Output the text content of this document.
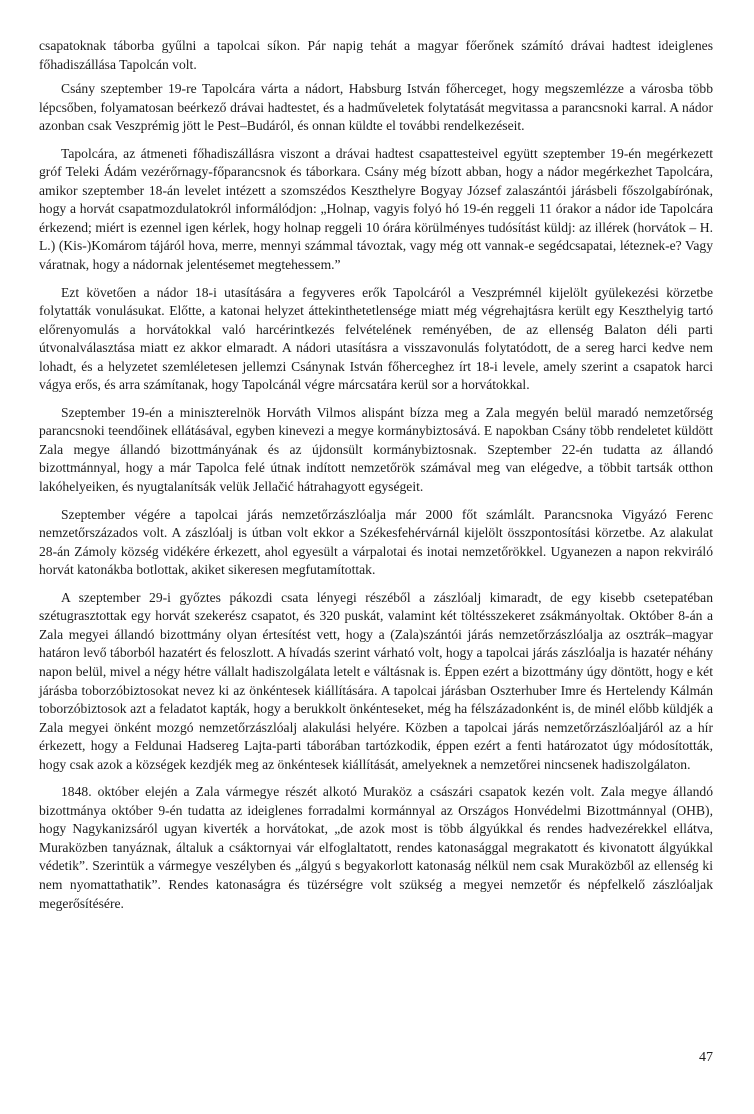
csapatoknak táborba gyűlni a tapolcai síkon. Pár napig tehát a magyar főerőnek számító drávai hadtest ideiglenes főhadiszállása Tapolcán volt.

Csány szeptember 19-re Tapolcára várta a nádort, Habsburg István főherceget, hogy megszemlézze a városba több lépcsőben, folyamatosan beérkező drávai hadtestet, és a hadműveletek folytatását megvitassa a parancsnoki karral. A nádor azonban csak Veszprémig jött le Pest–Budáról, és onnan küldte el további rendelkezéseit.

Tapolcára, az átmeneti főhadiszállásra viszont a drávai hadtest csapattesteivel együtt szeptember 19-én megérkezett gróf Teleki Ádám vezérőrnagy-főparancsnok és táborkara. Csány még bízott abban, hogy a nádor megérkezhet Tapolcára, amikor szeptember 18-án levelet intézett a szomszédos Keszthelyre Bogyay József zalaszántói járásbeli főszolgabírónak, hogy a horvát csapatmozdulatokról informálódjon: „Holnap, vagyis folyó hó 19-én reggeli 11 órakor a nádor ide Tapolcára érkezend; miért is ezennel igen kérlek, hogy holnap reggeli 10 órára körülményes tudósítást küldj: az illérek (horvátok – H. L.) (Kis-)Komárom tájáról hova, merre, mennyi számmal távoztak, vagy még ott vannak-e segédcsapatai, léteznek-e? Vagy váratnak, hogy a nádornak jelentésemet megtehessem.”

Ezt követően a nádor 18-i utasítására a fegyveres erők Tapolcáról a Veszprémnél kijelölt gyülekezési körzetbe folytatták vonulásukat. Előtte, a katonai helyzet áttekinthetetlensége miatt még végrehajtásra került egy Keszthelyig tartó előrenyomulás a horvátokkal való harcérintkezés felvételének reményében, de az ellenség Balaton déli parti útvonalválasztása miatt ez akkor elmaradt. A nádori utasításra a visszavonulás folytatódott, de a sereg harci kedve nem lohadt, és a helyzetet szemléletesen jellemzi Csánynak István főherceghez írt 18-i levele, amely szerint a csapatok harci vágya erős, és arra számítanak, hogy Tapolcánál végre márcsatára kerül sor a horvátokkal.

Szeptember 19-én a miniszterelnök Horváth Vilmos alispánt bízza meg a Zala megyén belül maradó nemzetőrség parancsnoki teendőinek ellátásával, egyben kinevezi a megye kormánybiztosává. E napokban Csány több rendeletet küldött Zala megye állandó bizottmányának és az újdonsült kormánybiztosnak. Szeptember 22-én tudatta az állandó bizottmánnyal, hogy a már Tapolca felé útnak indított nemzetőrök számával meg van elégedve, a többit tartsák otthon lakóhelyeiken, és nyugtalanítsák velük Jellačić hátrahagyott egységeit.

Szeptember végére a tapolcai járás nemzetőrzászlóalja már 2000 főt számlált. Parancsnoka Vigyázó Ferenc nemzetőrszázados volt. A zászlóalj is útban volt ekkor a Székesfehérvárnál kijelölt összpontosítási körzetbe. Az alakulat 28-án Zámoly község vidékére érkezett, ahol egyesült a várpalotai és inotai nemzetőrökkel. Ugyanezen a napon rekviráló horvát katonákba botlottak, akiket sikeresen megfutamítottak.

A szeptember 29-i győztes pákozdi csata lényegi részéből a zászlóalj kimaradt, de egy kisebb csetepatéban szétugrasztottak egy horvát szekerész csapatot, és 320 puskát, valamint két töltésszekeret zsákmányoltak. Október 8-án a Zala megyei állandó bizottmány olyan értesítést vett, hogy a (Zala)szántói járás nemzetőrzászlóalja az osztrák–magyar határon levő táborból hazatért és feloszlott. A hívadás szerint várható volt, hogy a tapolcai járás zászlóalja is hazatér néhány napon belül, mivel a négy hétre vállalt hadiszolgálata letelt e váltásnak is. Éppen ezért a bizottmány úgy döntött, hogy e két járásba toborzóbiztosokat nevez ki az önkéntesek kiállítására. A tapolcai járásban Oszterhuber Imre és Hertelendy Kálmán toborzóbiztosok azt a feladatot kapták, hogy a berukkolt önkénteseket, még ha félszázadonként is, de minél előbb küldjék a Zala megyei önként mozgó nemzetőrzászlóalj alakulási helyére. Közben a tapolcai járás nemzetőrzászlóaljáról az a hír érkezett, hogy a Feldunai Hadsereg Lajta-parti táborában tartózkodik, éppen ezért a fenti határozatot úgy módosították, hogy csak azok a községek kezdjék meg az önkéntesek kiállítását, amelyeknek a nemzetőrei nincsenek hadiszolgálaton.

1848. október elején a Zala vármegye részét alkotó Muraköz a császári csapatok kezén volt. Zala megye állandó bizottmánya október 9-én tudatta az ideiglenes forradalmi kormánnyal az Országos Honvédelmi Bizottmánnyal (OHB), hogy Nagykanizsáról ugyan kiverték a horvátokat, „de azok most is több álgyúkkal és rendes hadvezérekkel ellátva, Muraközben tanyáznak, általuk a csáktornyai vár elfoglaltatott, rendes katonasággal megrakatott és kivonatott álgyúkkal védetik”. Szerintük a vármegye veszélyben és „álgyú s begyakorlott katonaság nélkül nem csak Muraközből az ellenség ki nem nyomattathatik”. Rendes katonaságra és tüzérségre volt szükség a megyei nemzetőr és népfelkelő zászlóaljak megerősítésére.

47
